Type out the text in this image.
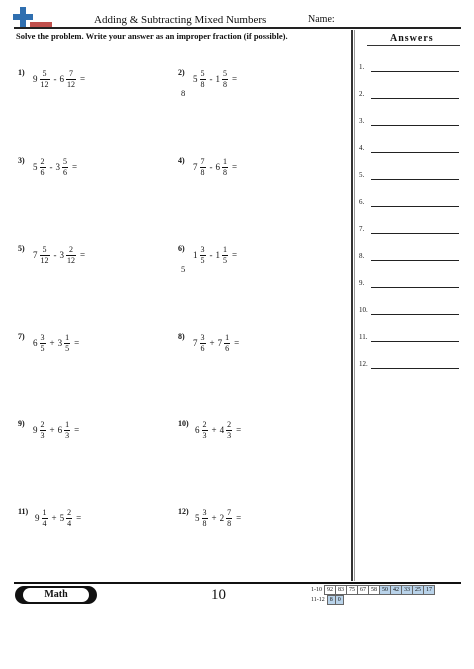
Adding & Subtracting Mixed Numbers	Name:
Solve the problem. Write your answer as an improper fraction (if possible).	Answers
1.
2.
3.
4.
5.
6.
7.
8.
9.
10.
11.
12.
1)
$9 \frac{5}{12} - 6 \frac{7}{12}$ =
2)
8
$5 \frac{5}{8} - 1 \frac{5}{8}$ =
3)
$5 \frac{2}{6} - 3 \frac{5}{6}$ =
4)
$7 \frac{7}{8} - 6 \frac{1}{8}$ =
5)
$7 \frac{5}{12} - 3 \frac{2}{12}$ =
6)
5
$1 \frac{3}{5} - 1 \frac{1}{5}$ =
7)
$6 \frac{3}{5} + 3 \frac{1}{5}$ =
8)
$7 \frac{3}{6} + 7 \frac{1}{6}$ =
9)
$9 \frac{2}{3} + 6 \frac{1}{3}$ =
10)
$6 \frac{2}{3} + 4 \frac{2}{3}$ =
11)
$9 \frac{1}{4} + 5 \frac{2}{4}$ =
12)
$5 \frac{3}{8} + 2 \frac{7}{8}$ =
Math	10	1-10	92	83	75	67	58	50	42	33	25	17
11-12	8	0
